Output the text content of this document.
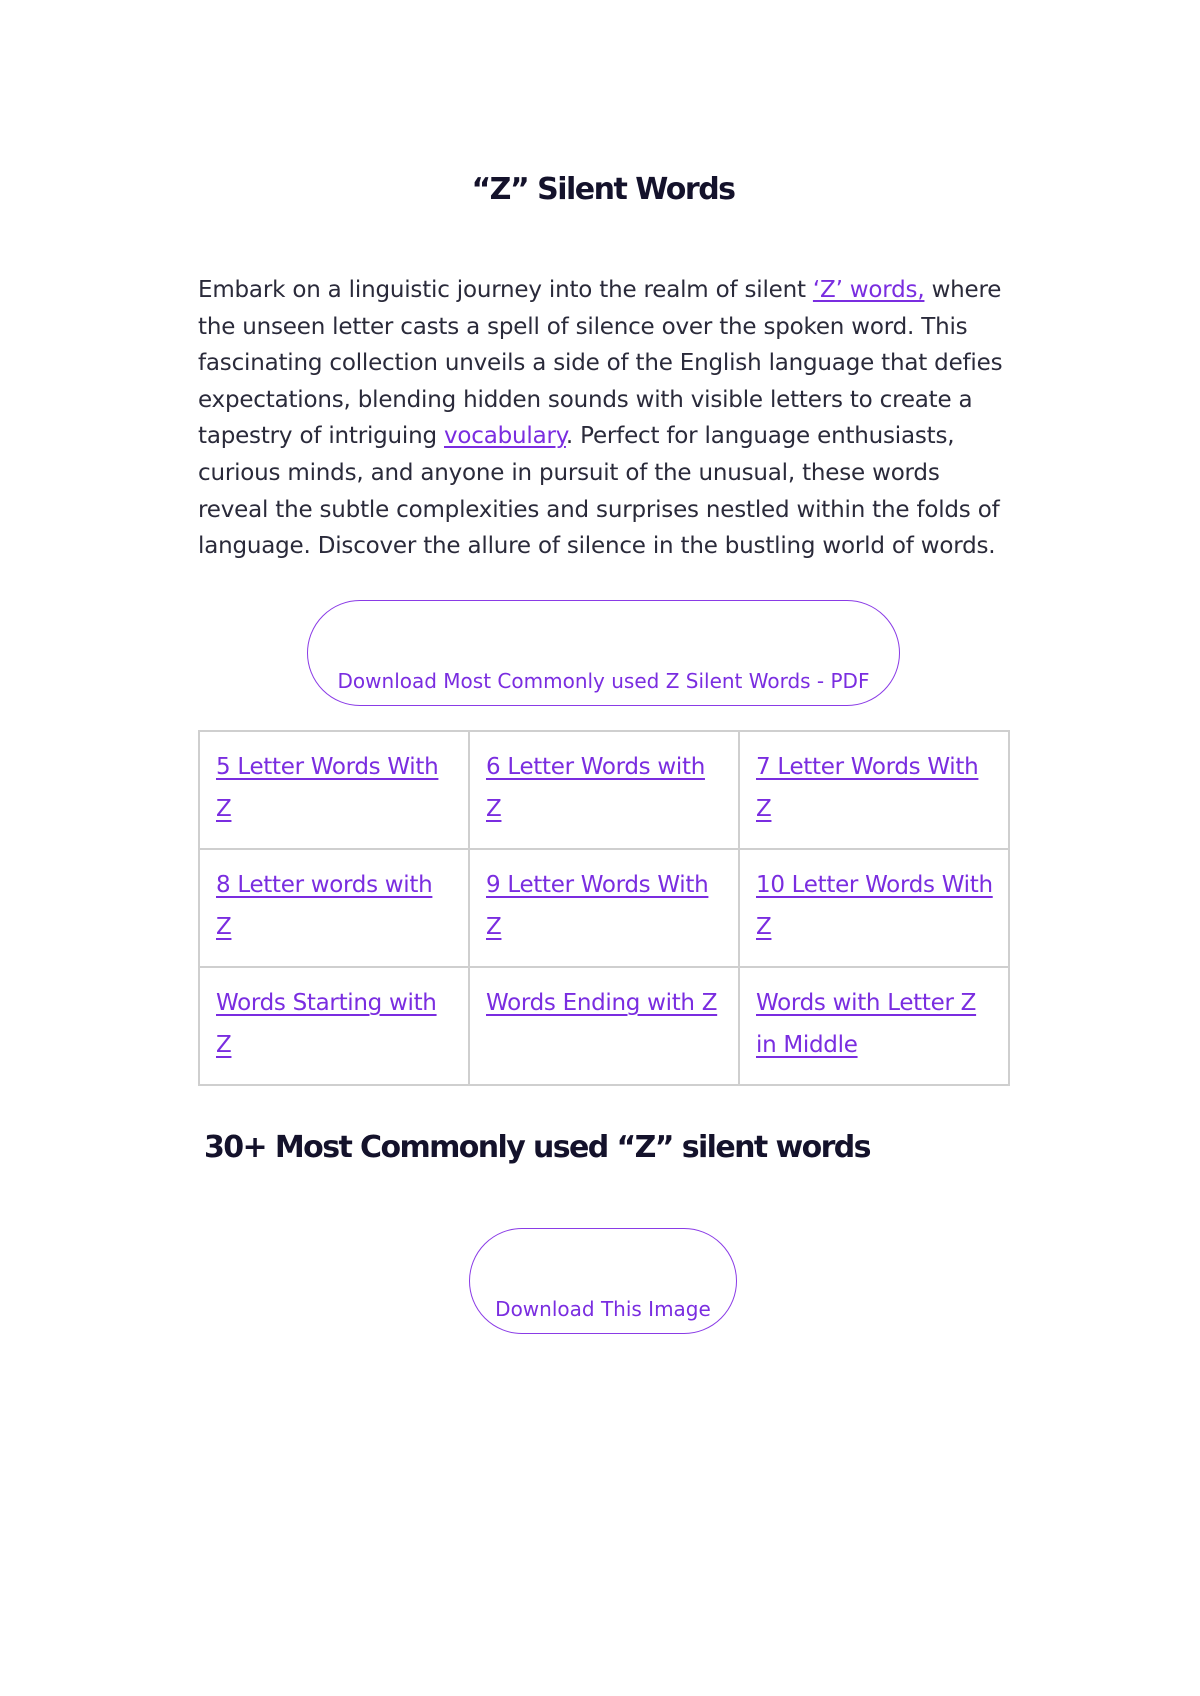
“Z” Silent Words

Embark on a linguistic journey into the realm of silent ‘Z’ words, where the unseen letter casts a spell of silence over the spoken word. This fascinating collection unveils a side of the English language that defies expectations, blending hidden sounds with visible letters to create a tapestry of intriguing vocabulary. Perfect for language enthusiasts, curious minds, and anyone in pursuit of the unusual, these words reveal the subtle complexities and surprises nestled within the folds of language. Discover the allure of silence in the bustling world of words.

Download Most Commonly used Z Silent Words - PDF
5 Letter Words With Z	6 Letter Words with Z	7 Letter Words With Z
8 Letter words with Z	9 Letter Words With Z	10 Letter Words With Z
Words Starting with Z	Words Ending with Z	Words with Letter Z in Middle
30+ Most Commonly used “Z” silent words
Download This Image
